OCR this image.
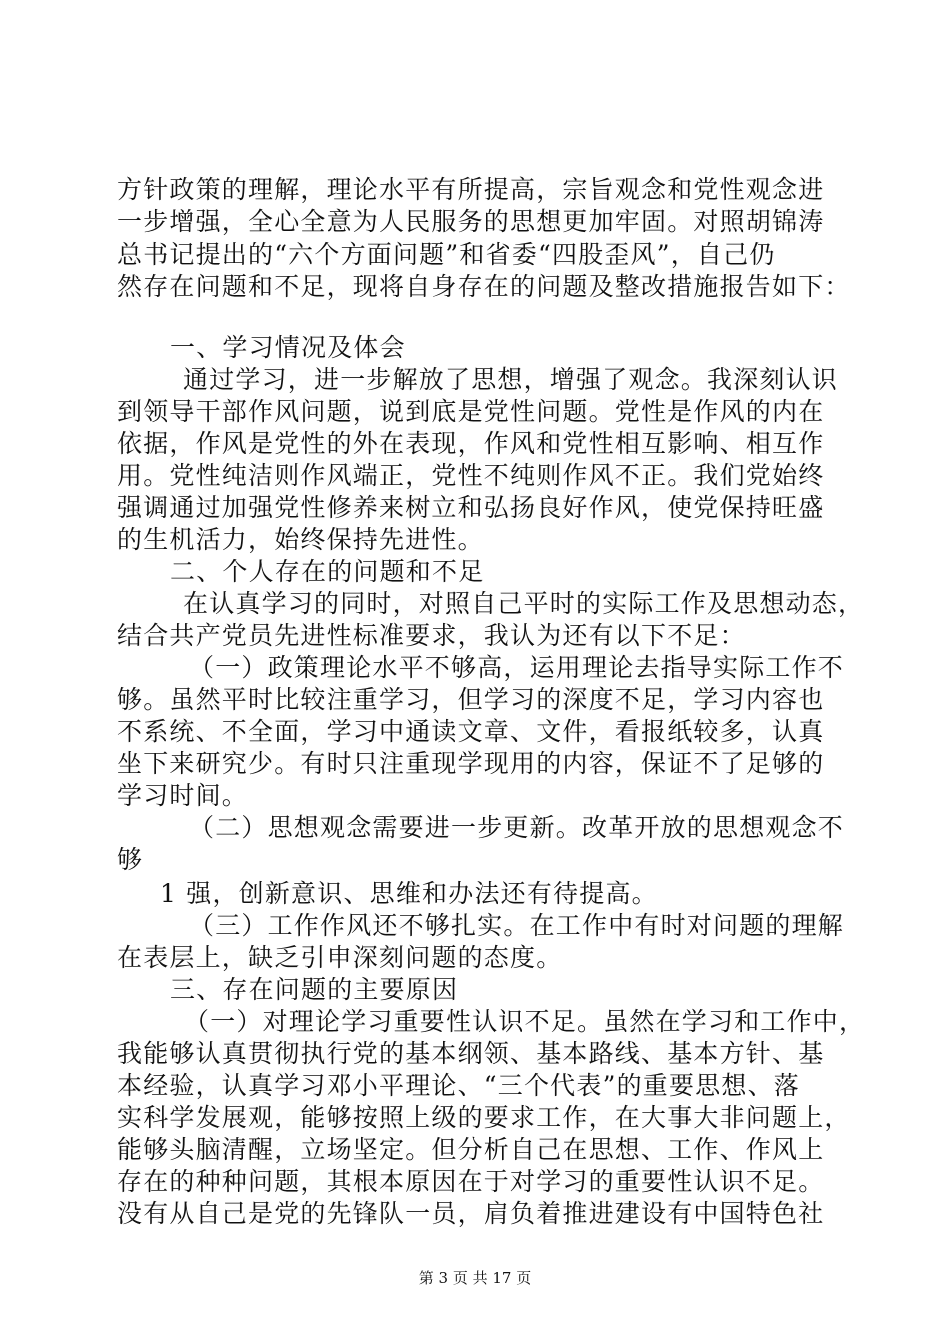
方针政策的理解，理论水平有所提高，宗旨观念和党性观念进
一步增强，全心全意为人民服务的思想更加牢固。对照胡锦涛
总书记提出的“六个方面问题”和省委“四股歪风”，自己仍
然存在问题和不足，现将自身存在的问题及整改措施报告如下：
一、学习情况及体会
通过学习，进一步解放了思想，增强了观念。我深刻认识
到领导干部作风问题，说到底是党性问题。党性是作风的内在
依据，作风是党性的外在表现，作风和党性相互影响、相互作
用。党性纯洁则作风端正，党性不纯则作风不正。我们党始终
强调通过加强党性修养来树立和弘扬良好作风，使党保持旺盛
的生机活力，始终保持先进性。
二、个人存在的问题和不足
在认真学习的同时，对照自己平时的实际工作及思想动态，
结合共产党员先进性标准要求，我认为还有以下不足：
（一）政策理论水平不够高，运用理论去指导实际工作不
够。虽然平时比较注重学习，但学习的深度不足，学习内容也
不系统、不全面，学习中通读文章、文件，看报纸较多，认真
坐下来研究少。有时只注重现学现用的内容，保证不了足够的
学习时间。
（二）思想观念需要进一步更新。改革开放的思想观念不
够
1 强，创新意识、思维和办法还有待提高。
（三）工作作风还不够扎实。在工作中有时对问题的理解
在表层上，缺乏引申深刻问题的态度。
三、存在问题的主要原因
（一）对理论学习重要性认识不足。虽然在学习和工作中，
我能够认真贯彻执行党的基本纲领、基本路线、基本方针、基
本经验，认真学习邓小平理论、“三个代表”的重要思想、落
实科学发展观，能够按照上级的要求工作，在大事大非问题上，
能够头脑清醒，立场坚定。但分析自己在思想、工作、作风上
存在的种种问题，其根本原因在于对学习的重要性认识不足。
没有从自己是党的先锋队一员，肩负着推进建设有中国特色社
第 3 页 共 17 页
